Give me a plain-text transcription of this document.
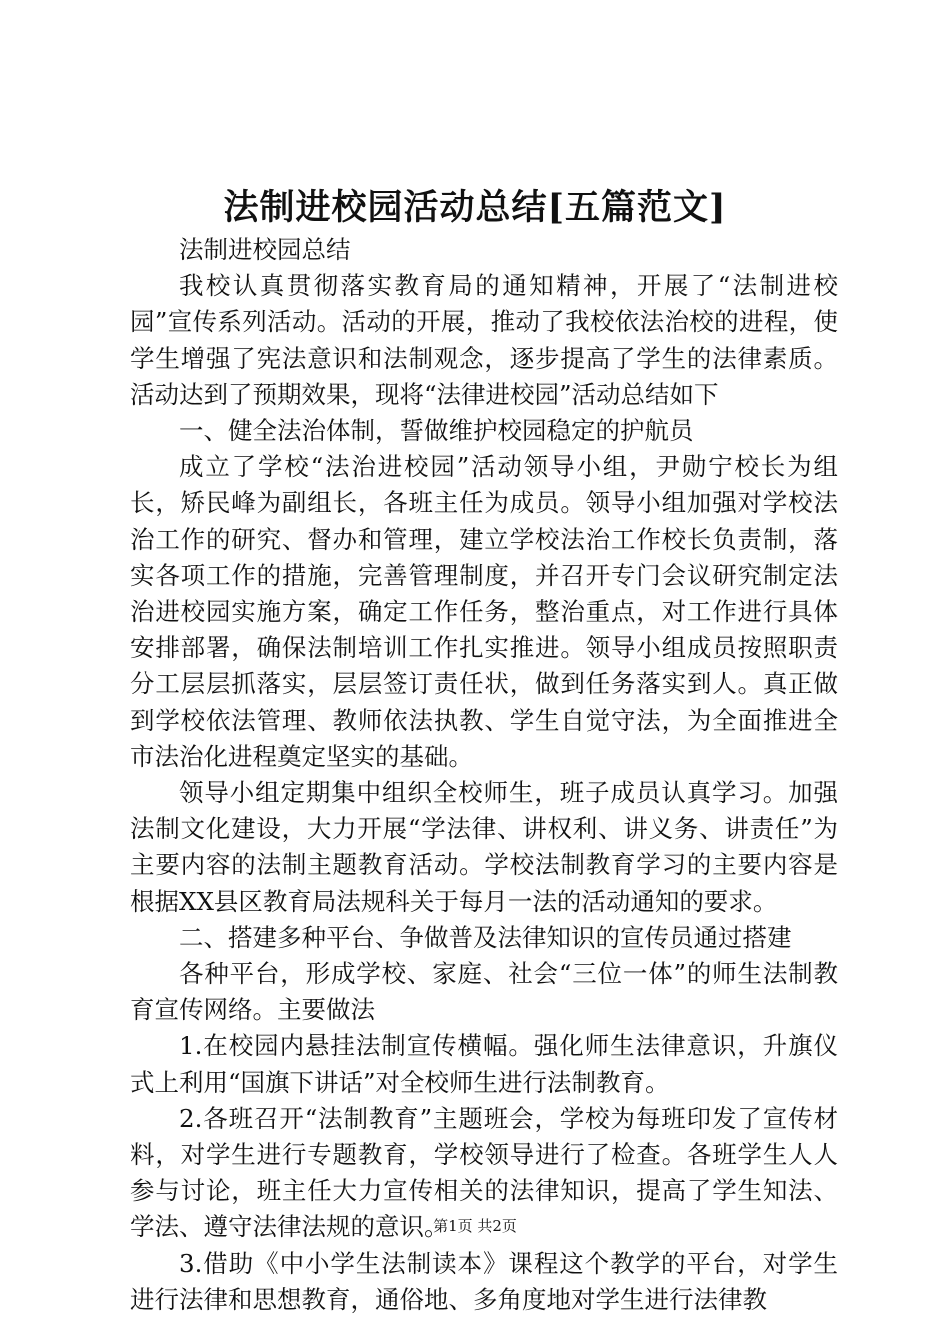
法制进校园活动总结[五篇范文]

法制进校园总结

我校认真贯彻落实教育局的通知精神，开展了“法制进校园”宣传系列活动。活动的开展，推动了我校依法治校的进程，使学生增强了宪法意识和法制观念，逐步提高了学生的法律素质。活动达到了预期效果，现将“法律进校园”活动总结如下

一、健全法治体制，誓做维护校园稳定的护航员

成立了学校“法治进校园”活动领导小组，尹勋宁校长为组长，矫民峰为副组长，各班主任为成员。领导小组加强对学校法治工作的研究、督办和管理，建立学校法治工作校长负责制，落实各项工作的措施，完善管理制度，并召开专门会议研究制定法治进校园实施方案，确定工作任务，整治重点，对工作进行具体安排部署，确保法制培训工作扎实推进。领导小组成员按照职责分工层层抓落实，层层签订责任状，做到任务落实到人。真正做到学校依法管理、教师依法执教、学生自觉守法，为全面推进全市法治化进程奠定坚实的基础。

领导小组定期集中组织全校师生，班子成员认真学习。加强法制文化建设，大力开展“学法律、讲权利、讲义务、讲责任”为主要内容的法制主题教育活动。学校法制教育学习的主要内容是根据XX县区教育局法规科关于每月一法的活动通知的要求。

二、搭建多种平台、争做普及法律知识的宣传员通过搭建

各种平台，形成学校、家庭、社会“三位一体”的师生法制教育宣传网络。主要做法

1.在校园内悬挂法制宣传横幅。强化师生法律意识，升旗仪式上利用“国旗下讲话”对全校师生进行法制教育。

2.各班召开“法制教育”主题班会，学校为每班印发了宣传材料，对学生进行专题教育，学校领导进行了检查。各班学生人人参与讨论，班主任大力宣传相关的法律知识，提高了学生知法、学法、遵守法律法规的意识。

3.借助《中小学生法制读本》课程这个教学的平台，对学生进行法律和思想教育，通俗地、多角度地对学生进行法律教

第1页 共2页
